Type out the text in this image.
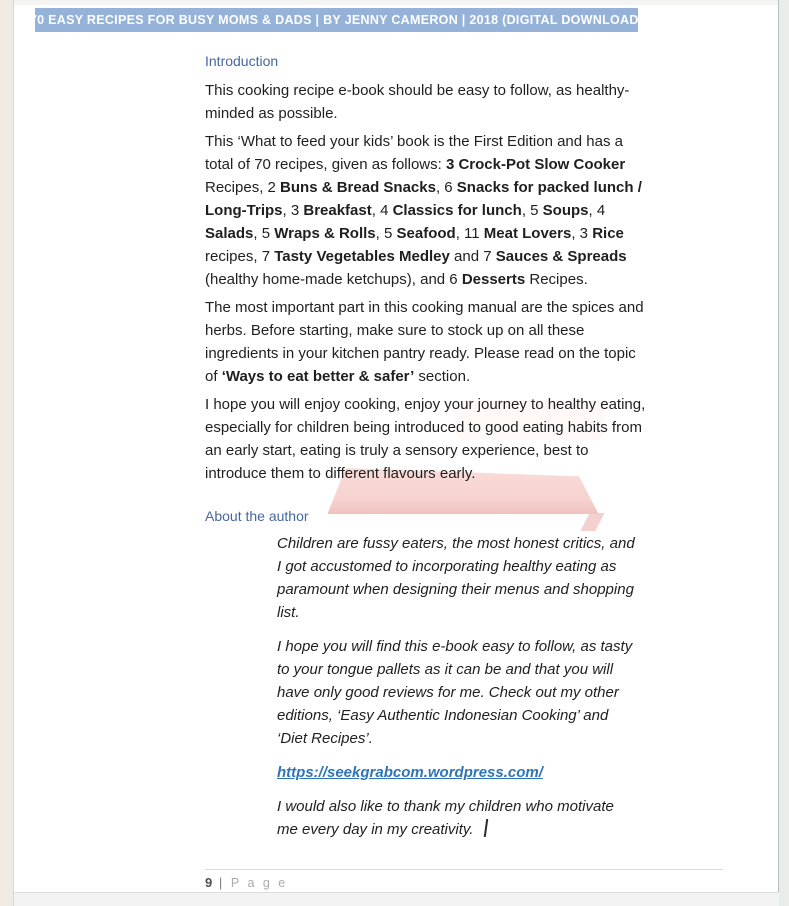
70 EASY RECIPES FOR BUSY MOMS & DADS | BY JENNY CAMERON | 2018 (DIGITAL DOWNLOAD)
Introduction

This cooking recipe e-book should be easy to follow, as healthy-minded as possible.

This ‘What to feed your kids’ book is the First Edition and has a total of 70 recipes, given as follows: 3 Crock-Pot Slow Cooker Recipes, 2 Buns & Bread Snacks, 6 Snacks for packed lunch / Long-Trips, 3 Breakfast, 4 Classics for lunch, 5 Soups, 4 Salads, 5 Wraps & Rolls, 5 Seafood, 11 Meat Lovers, 3 Rice recipes, 7 Tasty Vegetables Medley and 7 Sauces & Spreads (healthy home-made ketchups), and 6 Desserts Recipes.

The most important part in this cooking manual are the spices and herbs. Before starting, make sure to stock up on all these ingredients in your kitchen pantry ready. Please read on the topic of ‘Ways to eat better & safer’ section.

I hope you will enjoy cooking, enjoy your journey to healthy eating, especially for children being introduced to good eating habits from an early start, eating is truly a sensory experience, best to introduce them to different flavours early.

About the author

Children are fussy eaters, the most honest critics, and I got accustomed to incorporating healthy eating as paramount when designing their menus and shopping list.

I hope you will find this e-book easy to follow, as tasty to your tongue pallets as it can be and that you will have only good reviews for me. Check out my other editions, ‘Easy Authentic Indonesian Cooking’ and ‘Diet Recipes’.

https://seekgrabcom.wordpress.com/

I would also like to thank my children who motivate me every day in my creativity.

9 | P a g e
